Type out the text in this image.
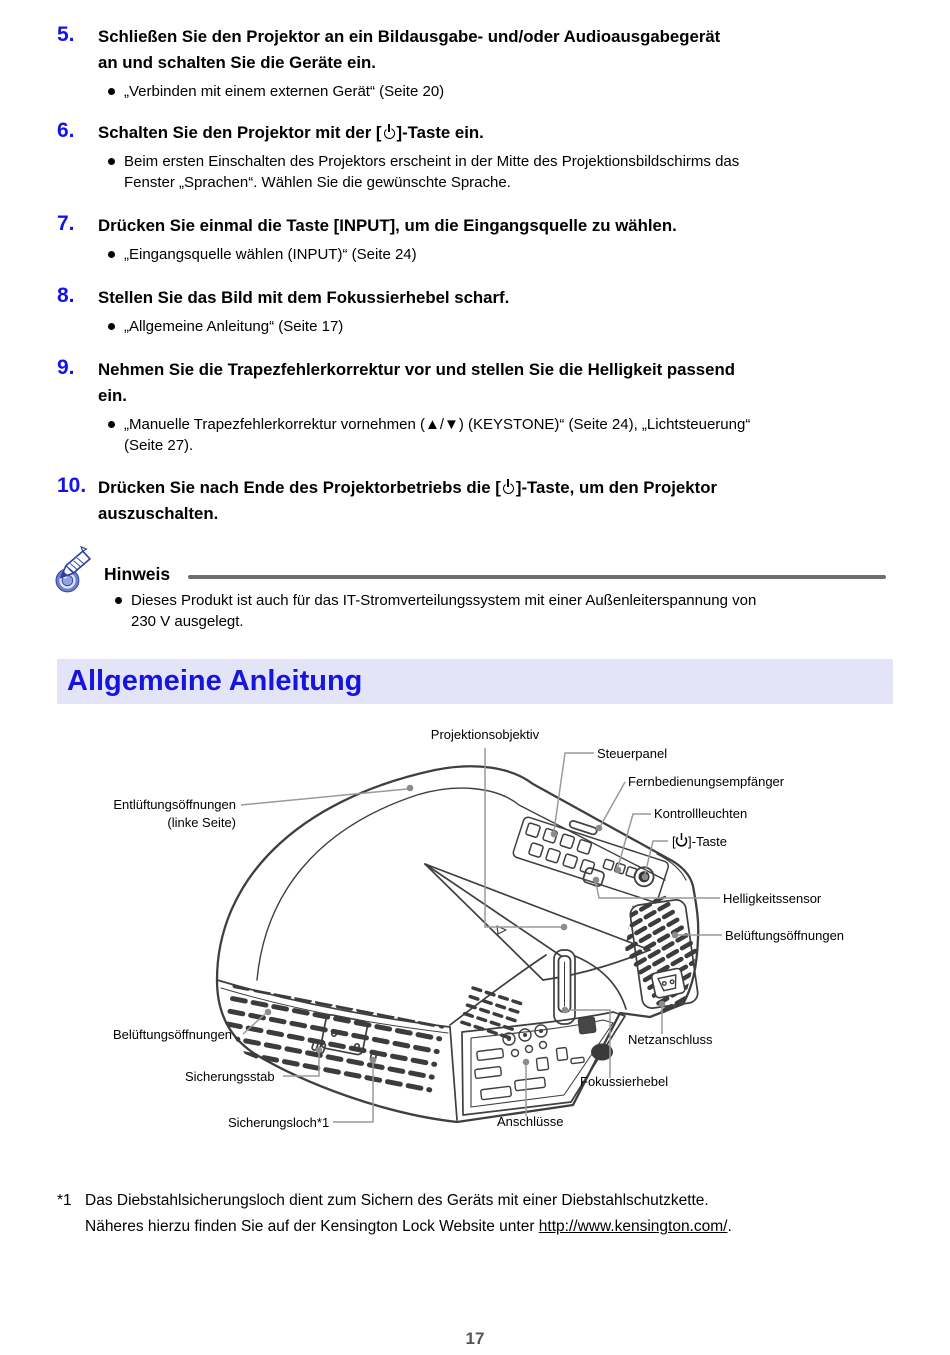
5.	Schließen Sie den Projektor an ein Bildausgabe- und/oder Audioausgabegerät
an und schalten Sie die Geräte ein.
„Verbinden mit einem externen Gerät“ (Seite 20)
6.	Schalten Sie den Projektor mit der [ ]-Taste ein.
Beim ersten Einschalten des Projektors erscheint in der Mitte des Projektionsbildschirms das
Fenster „Sprachen“. Wählen Sie die gewünschte Sprache.
7.	Drücken Sie einmal die Taste [INPUT], um die Eingangsquelle zu wählen.
„Eingangsquelle wählen (INPUT)“ (Seite 24)
8.	Stellen Sie das Bild mit dem Fokussierhebel scharf.
„Allgemeine Anleitung“ (Seite 17)
9.	Nehmen Sie die Trapezfehlerkorrektur vor und stellen Sie die Helligkeit passend
ein.
„Manuelle Trapezfehlerkorrektur vornehmen (▲/▼) (KEYSTONE)“ (Seite 24), „Lichtsteuerung“
(Seite 27).
10. Drücken Sie nach Ende des Projektorbetriebs die [ ]-Taste, um den Projektor
auszuschalten.
Hinweis
Dieses Produkt ist auch für das IT-Stromverteilungssystem mit einer Außenleiterspannung von
230 V ausgelegt.
Allgemeine Anleitung
Projektionsobjektiv
Steuerpanel
Fernbedienungsempfänger
Kontrollleuchten
[ ]-Taste
Helligkeitssensor
Belüftungsöffnungen
Entlüftungsöffnungen
(linke Seite)
Belüftungsöffnungen
Sicherungsstab
Sicherungsloch*1	Anschlüsse
Fokussierhebel
Netzanschluss
*1 Das Diebstahlsicherungsloch dient zum Sichern des Geräts mit einer Diebstahlschutzkette.
Näheres hierzu finden Sie auf der Kensington Lock Website unter http://www.kensington.com/.
17
